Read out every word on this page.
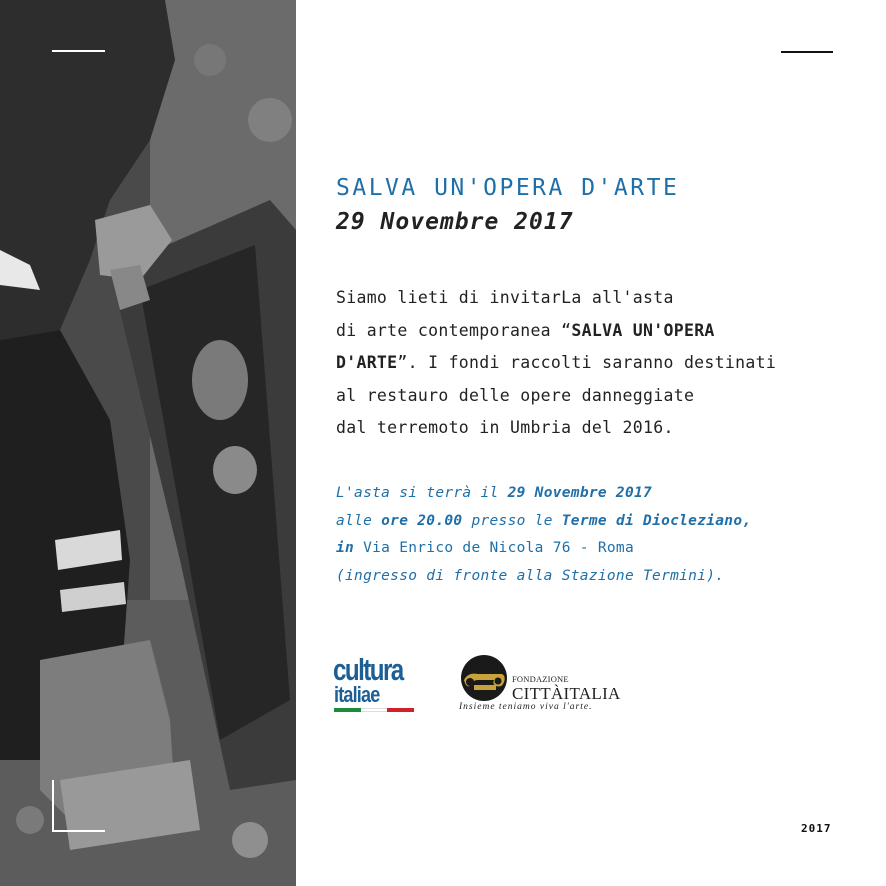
SALVA UN'OPERA D'ARTE
29 Novembre 2017

Siamo lieti di invitarLa all'asta
di arte contemporanea “SALVA UN'OPERA
D'ARTE”. I fondi raccolti saranno destinati
al restauro delle opere danneggiate
dal terremoto in Umbria del 2016.

L'asta si terrà il 29 Novembre 2017
alle ore 20.00 presso le Terme di Diocleziano,
in Via Enrico de Nicola 76 - Roma
(ingresso di fronte alla Stazione Termini).

cultura
italiae
FONDAZIONE
CITTÀITALIA
Insieme teniamo viva l'arte.

2017
